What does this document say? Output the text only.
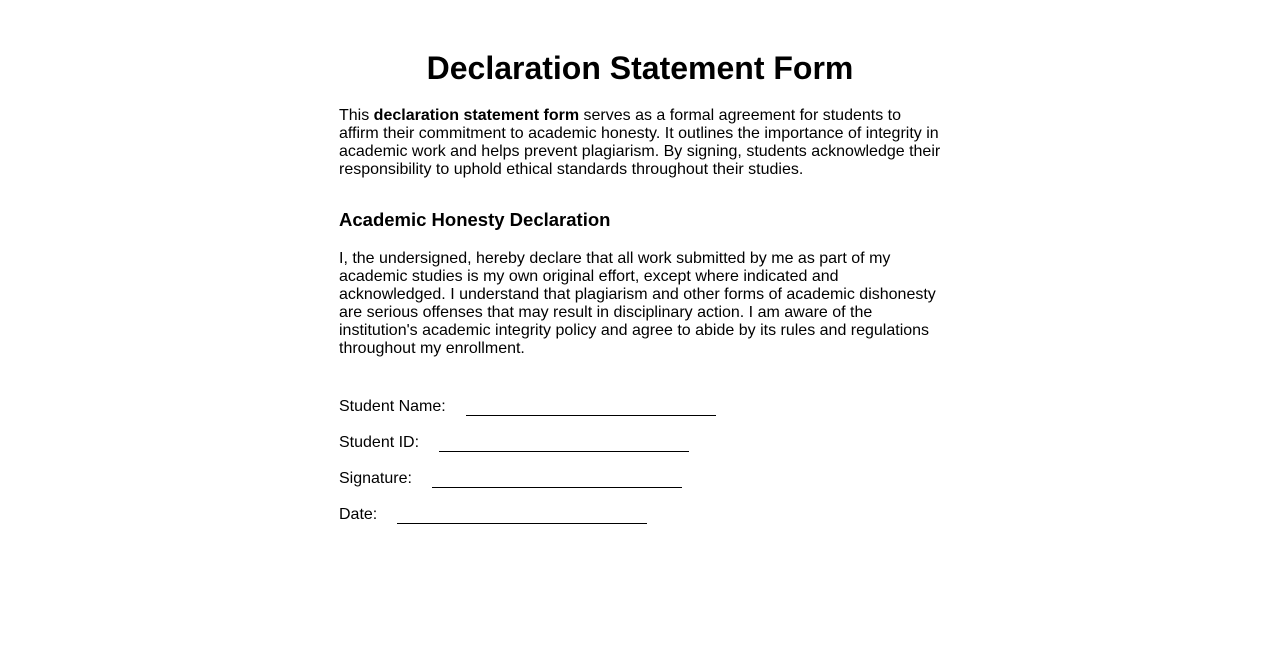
Declaration Statement Form

This declaration statement form serves as a formal agreement for students to affirm their commitment to academic honesty. It outlines the importance of integrity in academic work and helps prevent plagiarism. By signing, students acknowledge their responsibility to uphold ethical standards throughout their studies.

Academic Honesty Declaration

I, the undersigned, hereby declare that all work submitted by me as part of my academic studies is my own original effort, except where indicated and acknowledged. I understand that plagiarism and other forms of academic dishonesty are serious offenses that may result in disciplinary action. I am aware of the institution's academic integrity policy and agree to abide by its rules and regulations throughout my enrollment.

Student Name:
Student ID:
Signature:
Date:
